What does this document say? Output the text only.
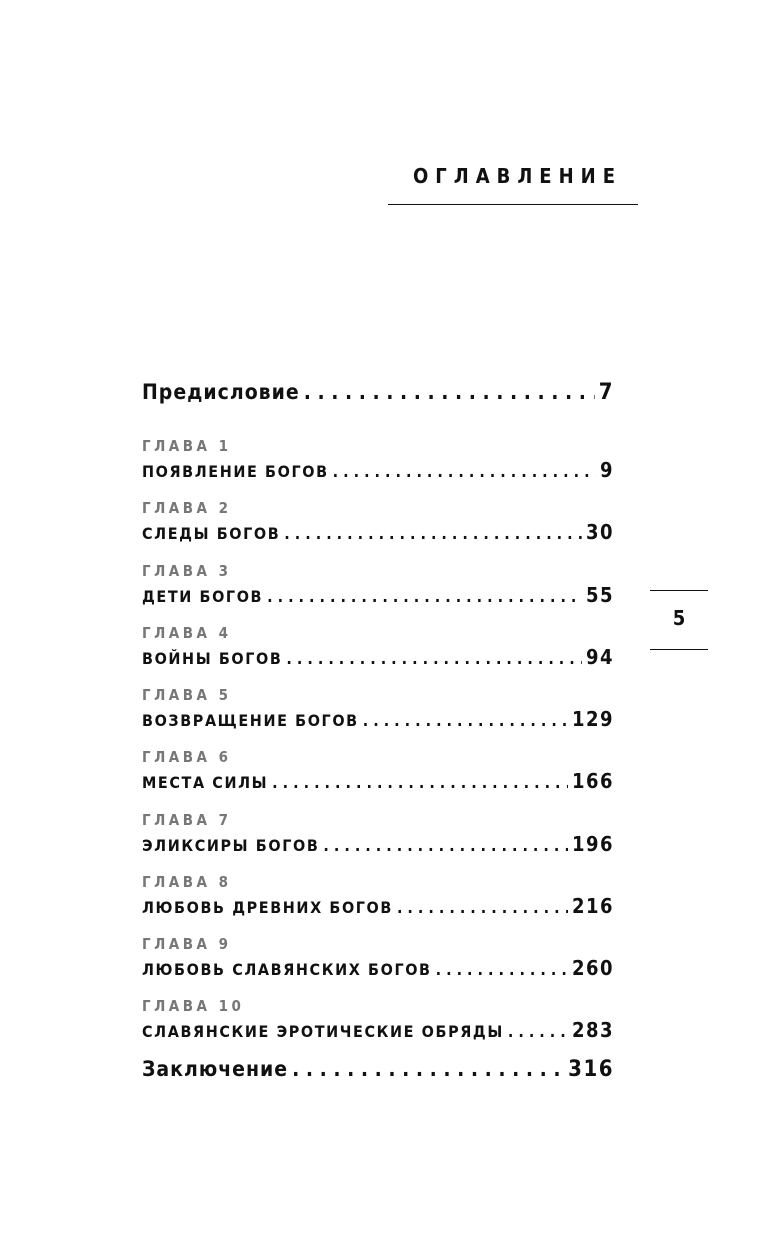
ОГЛАВЛЕНИЕ
Предисловие . . .	7
ГЛАВА 1
ПОЯВЛЕНИЕ БОГОВ . . .	9
ГЛАВА 2
СЛЕДЫ БОГОВ . . .	30
ГЛАВА 3
ДЕТИ БОГОВ . . .	55
ГЛАВА 4
ВОЙНЫ БОГОВ . . .	94
ГЛАВА 5
ВОЗВРАЩЕНИЕ БОГОВ . . .	129
ГЛАВА 6
МЕСТА СИЛЫ . . .	166
ГЛАВА 7
ЭЛИКСИРЫ БОГОВ . . .	196
ГЛАВА 8
ЛЮБОВЬ ДРЕВНИХ БОГОВ . . .	216
ГЛАВА 9
ЛЮБОВЬ СЛАВЯНСКИХ БОГОВ . . .	260
ГЛАВА 10
СЛАВЯНСКИЕ ЭРОТИЧЕСКИЕ ОБРЯДЫ . . .	283
Заключение . . .	316
5
